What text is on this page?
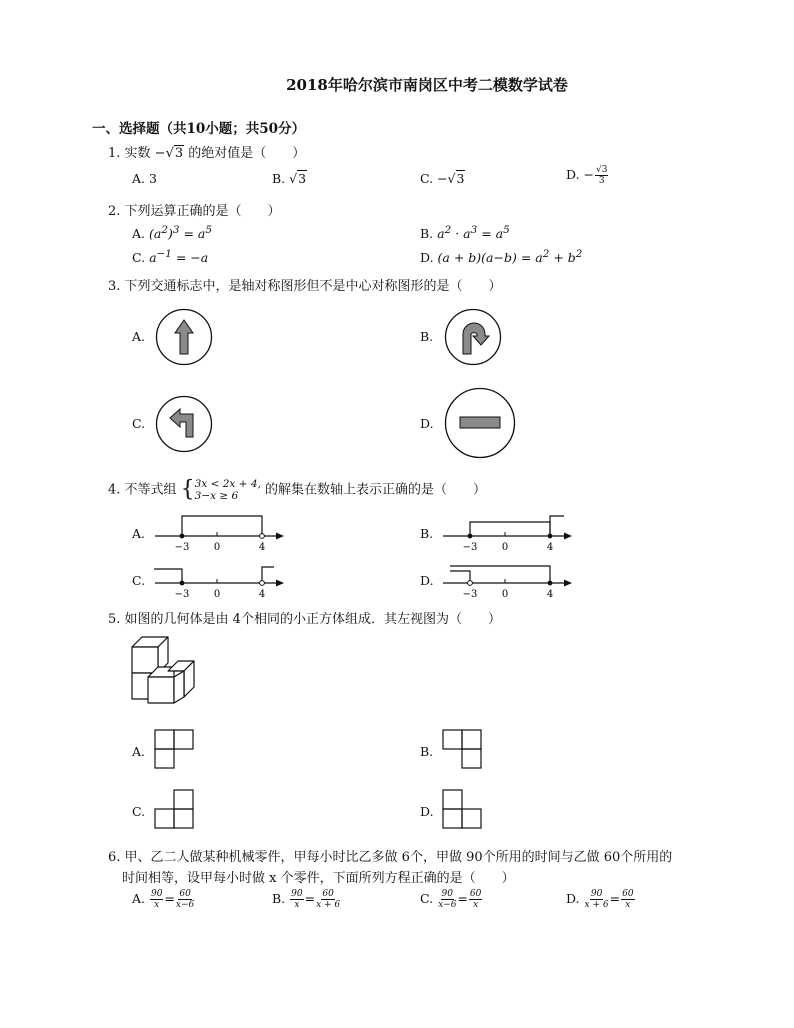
2018年哈尔滨市南岗区中考二模数学试卷
一、选择题（共10小题；共50分）
1. 实数 −√3 的绝对值是（　　）
A. 3	B. √3	C. −√3	D. − $\frac{√3}{3}$
2. 下列运算正确的是（　　）
A. $(a^2)^3 = a^5$	B. $a^2 \cdot a^3 = a^5$
C. $a^{-1} = -a$	D. $(a + b)(a-b) = a^2 + b^2$
3. 下列交通标志中，是轴对称图形但不是中心对称图形的是（　　）
A.	B.
C.	D.
4. 不等式组 {3x < 2x + 4,
3−x ≥ 6 的解集在数轴上表示正确的是（　　）
A.	B.
C.	D.
−3 0	4	−3 0	4
−3 0	4	−3 0	4
5. 如图的几何体是由 4个相同的小正方体组成．其左视图为（　　）
A.	B.
C.	D.
6. 甲、乙二人做某种机械零件，甲每小时比乙多做 6个，甲做 90个所用的时间与乙做 60个所用的
时间相等，设甲每小时做 x 个零件，下面所列方程正确的是（　　）
A. $\frac{90}{x} = \frac{60}{x-6}$	B. $\frac{90}{x} = \frac{60}{x + 6}$	C. $\frac{90}{x-6} = \frac{60}{x}$	D. $\frac{90}{x + 6} = \frac{60}{x}$
